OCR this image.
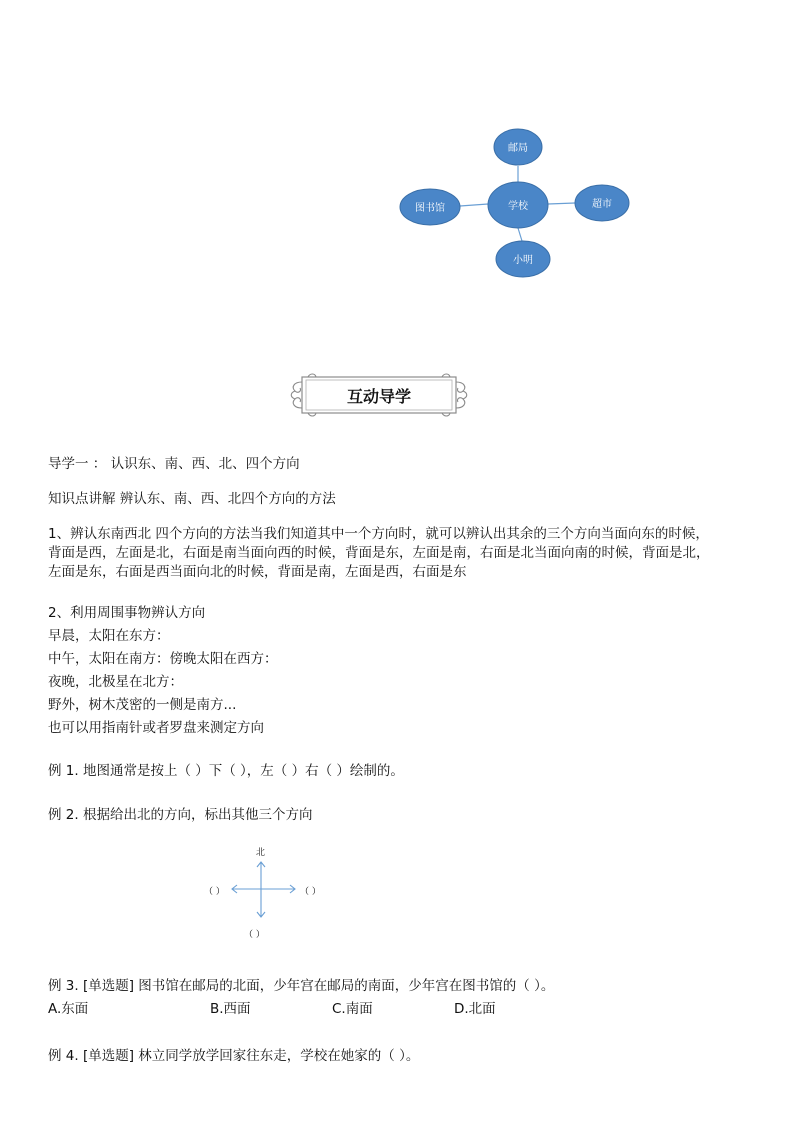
邮局
学校
图书馆	超市
小明
互动导学
导学一 ： 认识东、南、西、北、四个方向
知识点讲解 辨认东、南、西、北四个方向的方法
1、辨认东南西北 四个方向的方法当我们知道其中一个方向时，就可以辨认出其余的三个方向当面向东的时候，
背面是西，左面是北，右面是南当面向西的时候，背面是东，左面是南，右面是北当面向南的时候，背面是北，
左面是东，右面是西当面向北的时候，背面是南，左面是西，右面是东
2、利用周围事物辨认方向
早晨，太阳在东方：
中午，太阳在南方：傍晚太阳在西方：
夜晚，北极星在北方：
野外，树木茂密的一侧是南方...
也可以用指南针或者罗盘来测定方向
例 1. 地图通常是按上（ ）下（ ），左（ ）右（ ）绘制的。
例 2. 根据给出北的方向，标出其他三个方向
北
（ ）	（ ）
（ ）
例 3. [单选题] 图书馆在邮局的北面，少年宫在邮局的南面，少年宫在图书馆的（ ）。
A.东面	B.西面	C.南面	D.北面
例 4. [单选题] 林立同学放学回家往东走，学校在她家的（ ）。
